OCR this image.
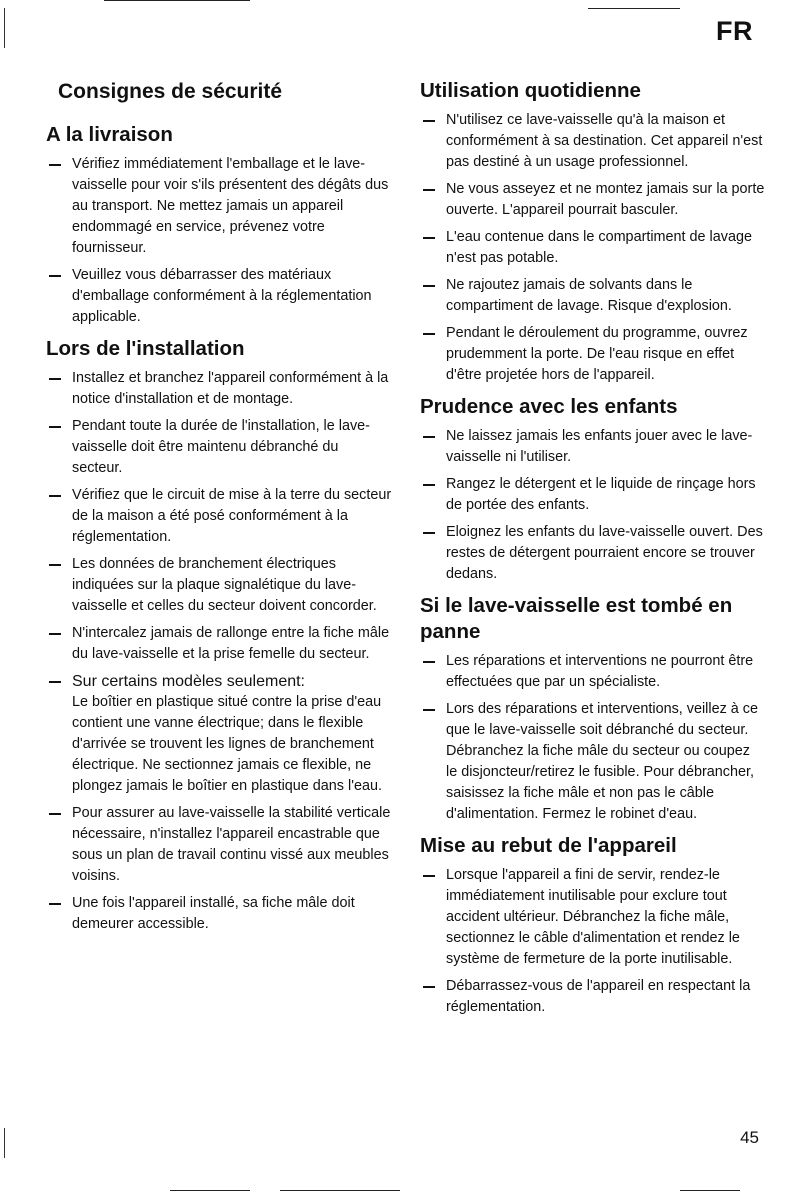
FR
Consignes de sécurité
A la livraison
Vérifiez immédiatement l'emballage et le lave-vaisselle pour voir s'ils présentent des dégâts dus au transport. Ne mettez jamais un appareil endommagé en service, prévenez votre fournisseur.
Veuillez vous débarrasser des matériaux d'emballage conformément à la réglementation applicable.
Lors de l'installation
Installez et branchez l'appareil conformément à la notice d'installation et de montage.
Pendant toute la durée de l'installation, le lave-vaisselle doit être maintenu débranché du secteur.
Vérifiez que le circuit de mise à la terre du secteur de la maison a été posé conformément à la réglementation.
Les données de branchement électriques indiquées sur la plaque signalétique du lave-vaisselle et celles du secteur doivent concorder.
N'intercalez jamais de rallonge entre la fiche mâle du lave-vaisselle et la prise femelle du secteur.
Sur certains modèles seulement:
Le boîtier en plastique situé contre la prise d'eau contient une vanne électrique; dans le flexible d'arrivée se trouvent les lignes de branchement électrique. Ne sectionnez jamais ce flexible, ne plongez jamais le boîtier en plastique dans l'eau.
Pour assurer au lave-vaisselle la stabilité verticale nécessaire, n'installez l'appareil encastrable que sous un plan de travail continu vissé aux meubles voisins.
Une fois l'appareil installé, sa fiche mâle doit demeurer accessible.
Utilisation quotidienne
N'utilisez ce lave-vaisselle qu'à la maison et conformément à sa destination. Cet appareil n'est pas destiné à un usage professionnel.
Ne vous asseyez et ne montez jamais sur la porte ouverte. L'appareil pourrait basculer.
L'eau contenue dans le compartiment de lavage n'est pas potable.
Ne rajoutez jamais de solvants dans le compartiment de lavage. Risque d'explosion.
Pendant le déroulement du programme, ouvrez prudemment la porte. De l'eau risque en effet d'être projetée hors de l'appareil.
Prudence avec les enfants
Ne laissez jamais les enfants jouer avec le lave-vaisselle ni l'utiliser.
Rangez le détergent et le liquide de rinçage hors de portée des enfants.
Eloignez les enfants du lave-vaisselle ouvert. Des restes de détergent pourraient encore se trouver dedans.
Si le lave-vaisselle est tombé en panne
Les réparations et interventions ne pourront être effectuées que par un spécialiste.
Lors des réparations et interventions, veillez à ce que le lave-vaisselle soit débranché du secteur. Débranchez la fiche mâle du secteur ou coupez le disjoncteur/retirez le fusible. Pour débrancher, saisissez la fiche mâle et non pas le câble d'alimentation. Fermez le robinet d'eau.
Mise au rebut de l'appareil
Lorsque l'appareil a fini de servir, rendez-le immédiatement inutilisable pour exclure tout accident ultérieur. Débranchez la fiche mâle, sectionnez le câble d'alimentation et rendez le système de fermeture de la porte inutilisable.
Débarrassez-vous de l'appareil en respectant la réglementation.
45
